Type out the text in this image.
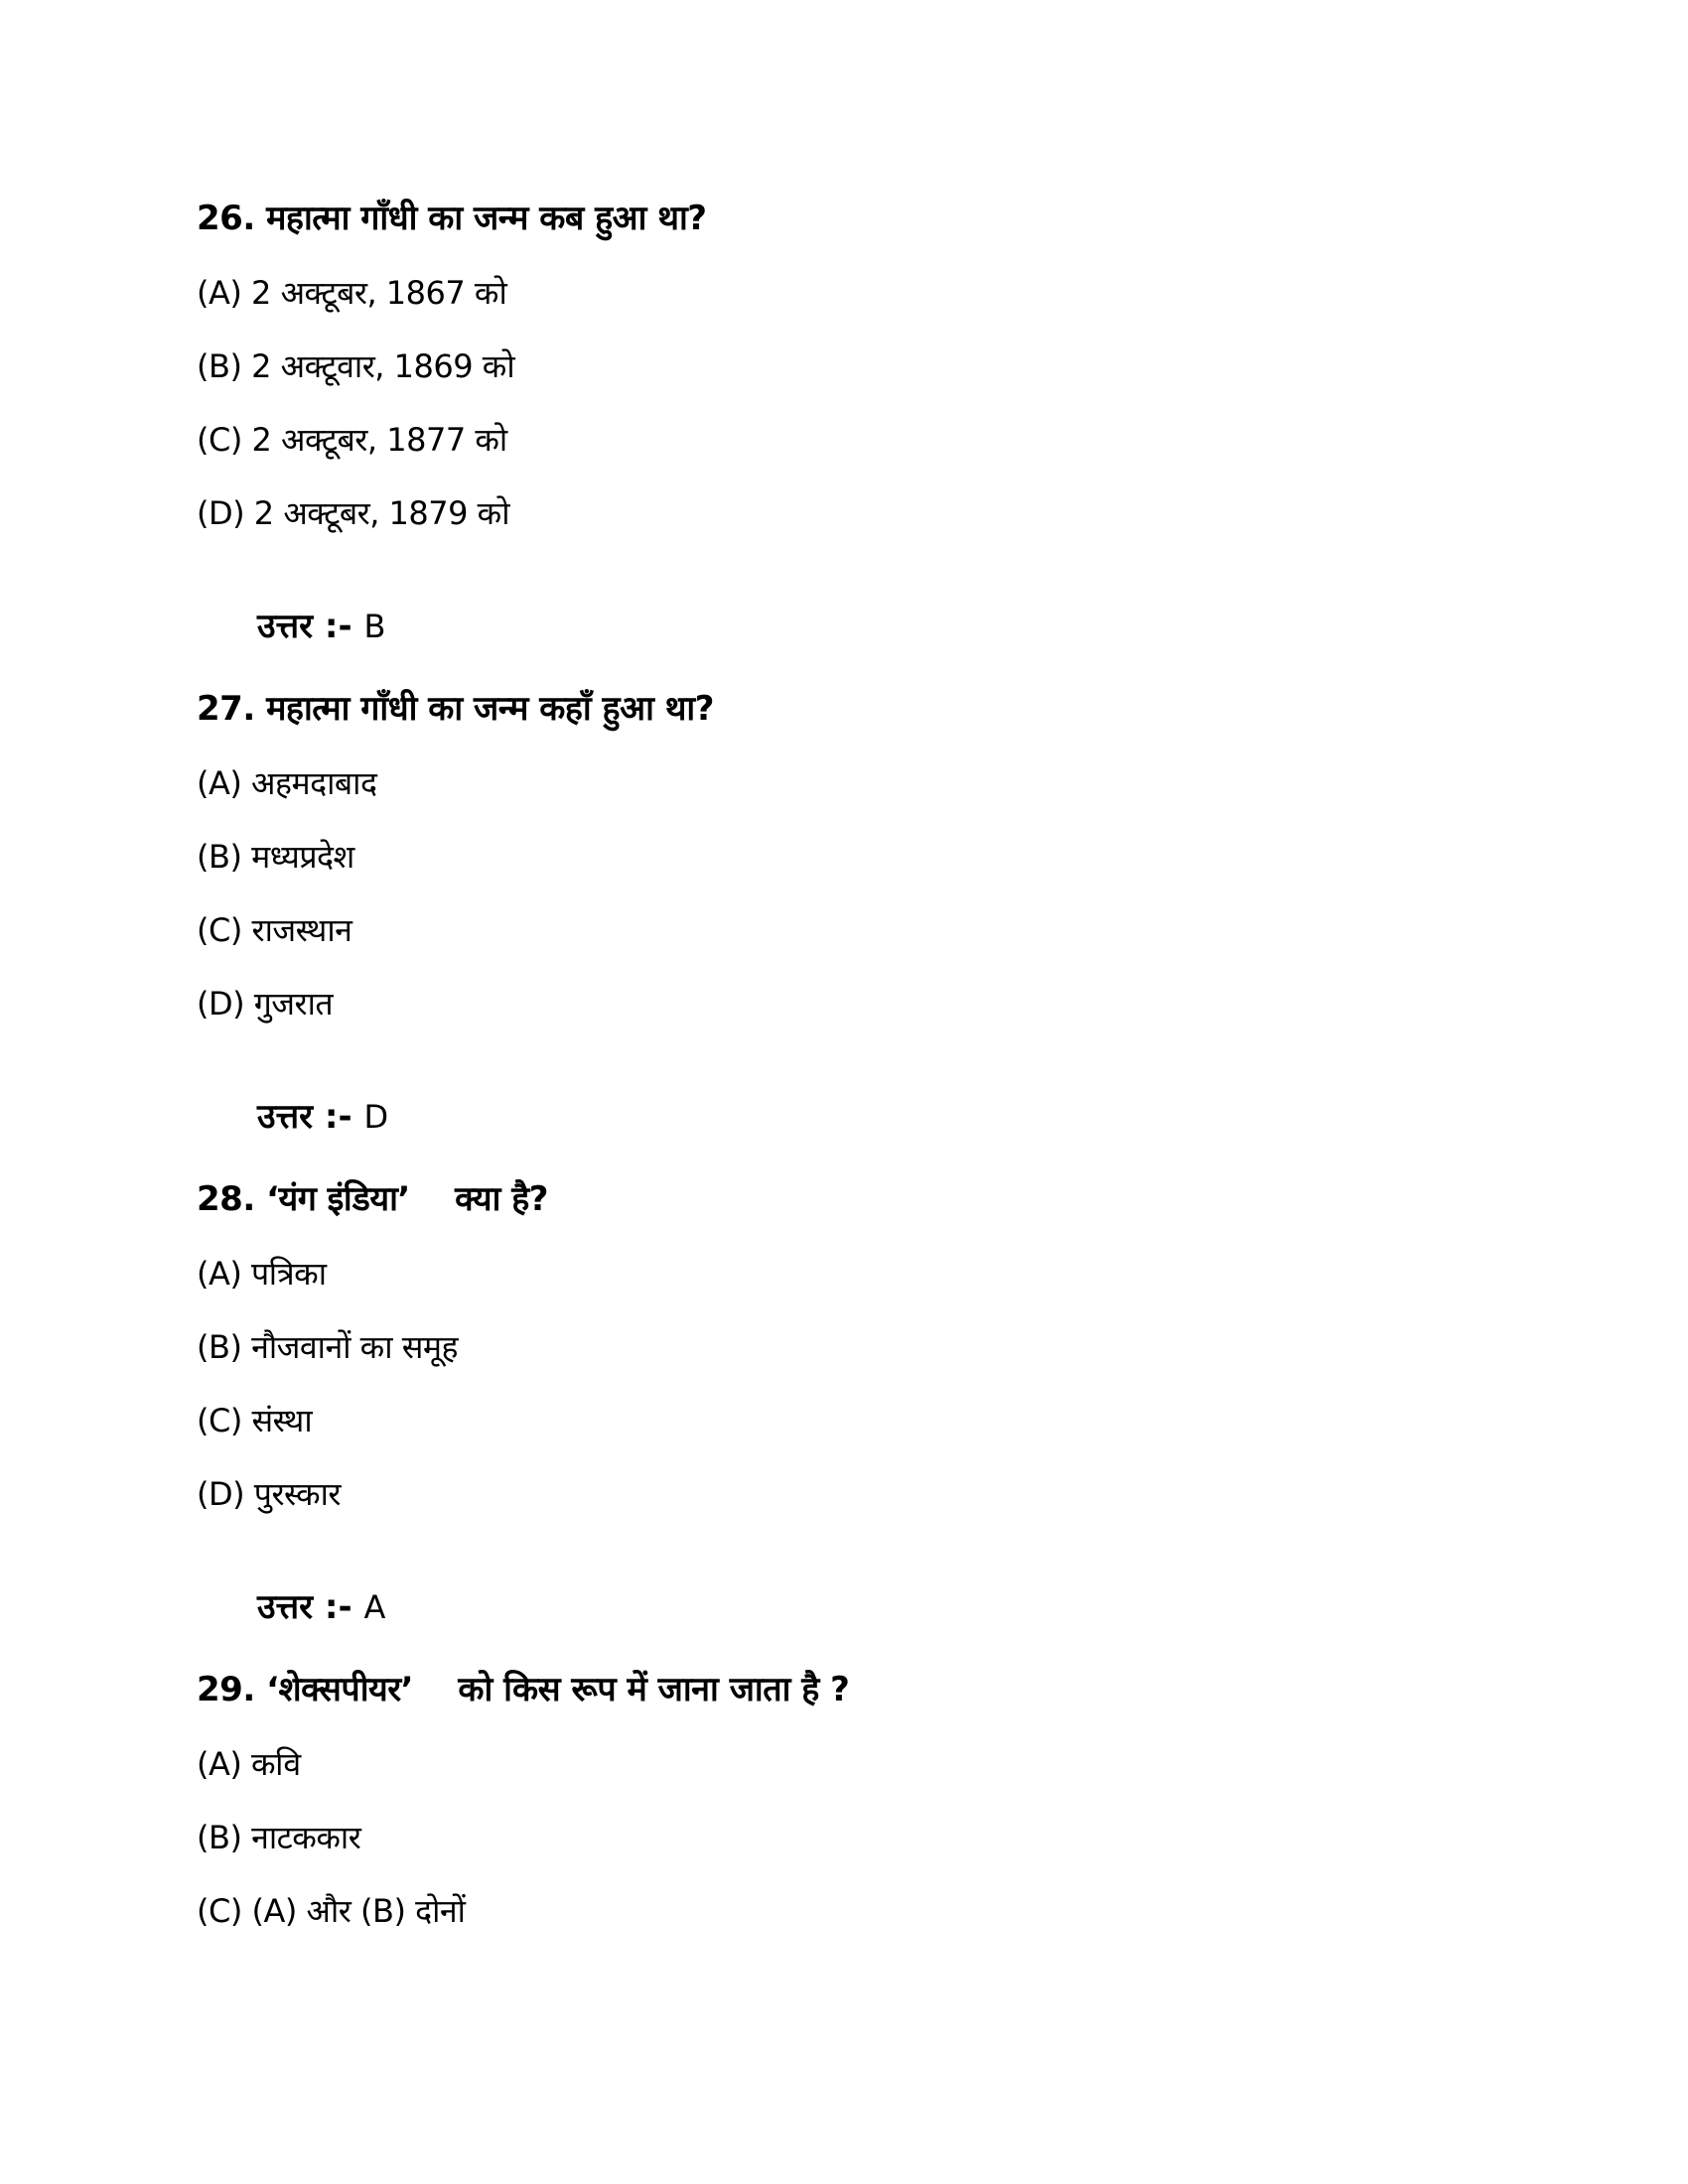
26. महात्मा गाँधी का जन्म कब हुआ था?
(A) 2 अक्टूबर, 1867 को
(B) 2 अक्टूवार, 1869 को
(C) 2 अक्टूबर, 1877 को
(D) 2 अक्टूबर, 1879 को

उत्तर :- B

27. महात्मा गाँधी का जन्म कहाँ हुआ था?
(A) अहमदाबाद
(B) मध्यप्रदेश
(C) राजस्थान
(D) गुजरात

उत्तर :- D

28. ‘यंग इंडिया’    क्या है?
(A) पत्रिका
(B) नौजवानों का समूह
(C) संस्था
(D) पुरस्कार

उत्तर :- A

29. ‘शेक्सपीयर’    को किस रूप में जाना जाता है ?
(A) कवि
(B) नाटककार
(C) (A) और (B) दोनों
